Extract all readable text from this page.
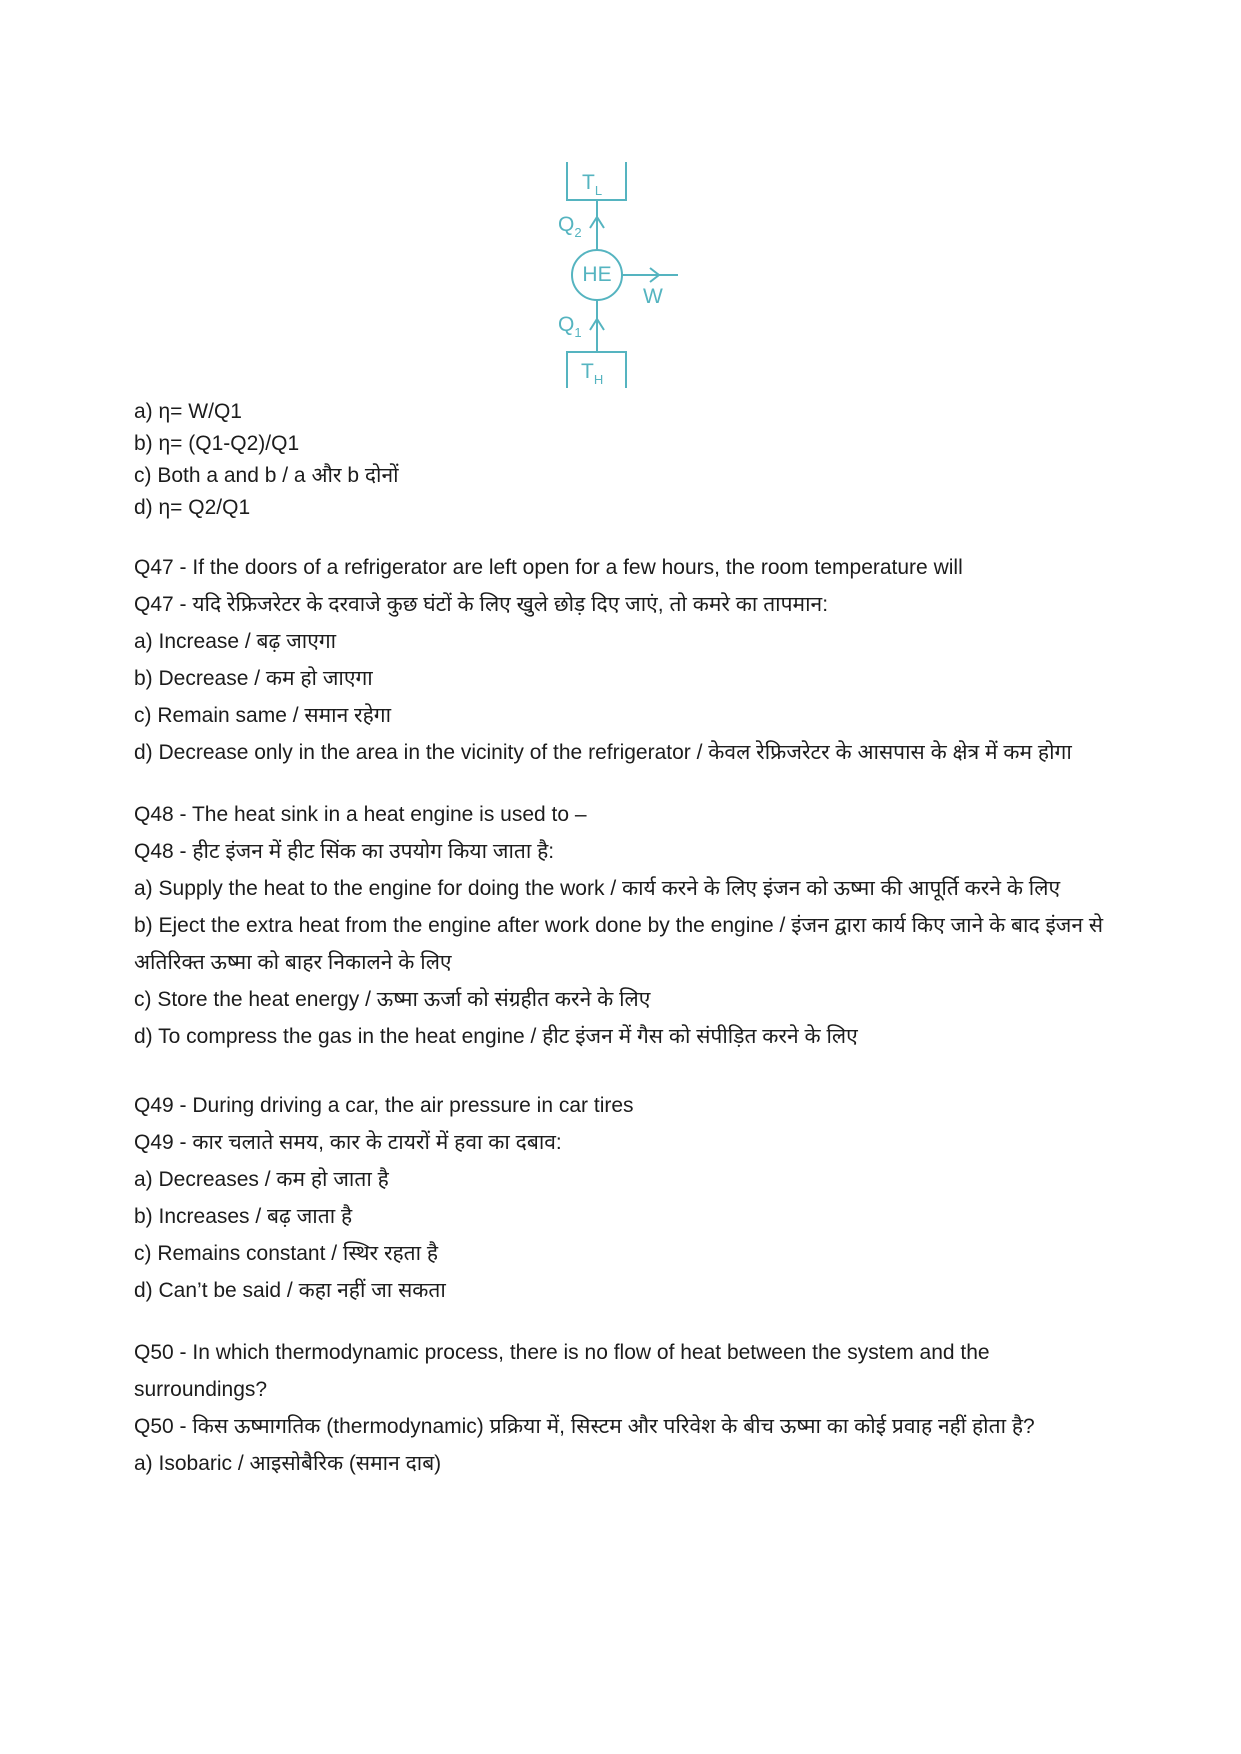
$T_L$
$Q_2$
HE
W
$Q_1$
$T_H$

a) η= W/Q1

b) η= (Q1-Q2)/Q1

c) Both a and b / a और b दोनों

d) η= Q2/Q1

Q47 - If the doors of a refrigerator are left open for a few hours, the room temperature will

Q47 - यदि रेफ्रिजरेटर के दरवाजे कुछ घंटों के लिए खुले छोड़ दिए जाएं, तो कमरे का तापमान:

a) Increase / बढ़ जाएगा

b) Decrease / कम हो जाएगा

c) Remain same / समान रहेगा

d) Decrease only in the area in the vicinity of the refrigerator / केवल रेफ्रिजरेटर के आसपास के क्षेत्र में कम होगा

Q48 - The heat sink in a heat engine is used to –

Q48 - हीट इंजन में हीट सिंक का उपयोग किया जाता है:

a) Supply the heat to the engine for doing the work / कार्य करने के लिए इंजन को ऊष्मा की आपूर्ति करने के लिए

b) Eject the extra heat from the engine after work done by the engine / इंजन द्वारा कार्य किए जाने के बाद इंजन से अतिरिक्त ऊष्मा को बाहर निकालने के लिए

c) Store the heat energy / ऊष्मा ऊर्जा को संग्रहीत करने के लिए

d) To compress the gas in the heat engine / हीट इंजन में गैस को संपीड़ित करने के लिए

Q49 - During driving a car, the air pressure in car tires

Q49 - कार चलाते समय, कार के टायरों में हवा का दबाव:

a) Decreases / कम हो जाता है

b) Increases / बढ़ जाता है

c) Remains constant / स्थिर रहता है

d) Can’t be said / कहा नहीं जा सकता

Q50 - In which thermodynamic process, there is no flow of heat between the system and the surroundings?

Q50 - किस ऊष्मागतिक (thermodynamic) प्रक्रिया में, सिस्टम और परिवेश के बीच ऊष्मा का कोई प्रवाह नहीं होता है?

a) Isobaric / आइसोबैरिक (समान दाब)
